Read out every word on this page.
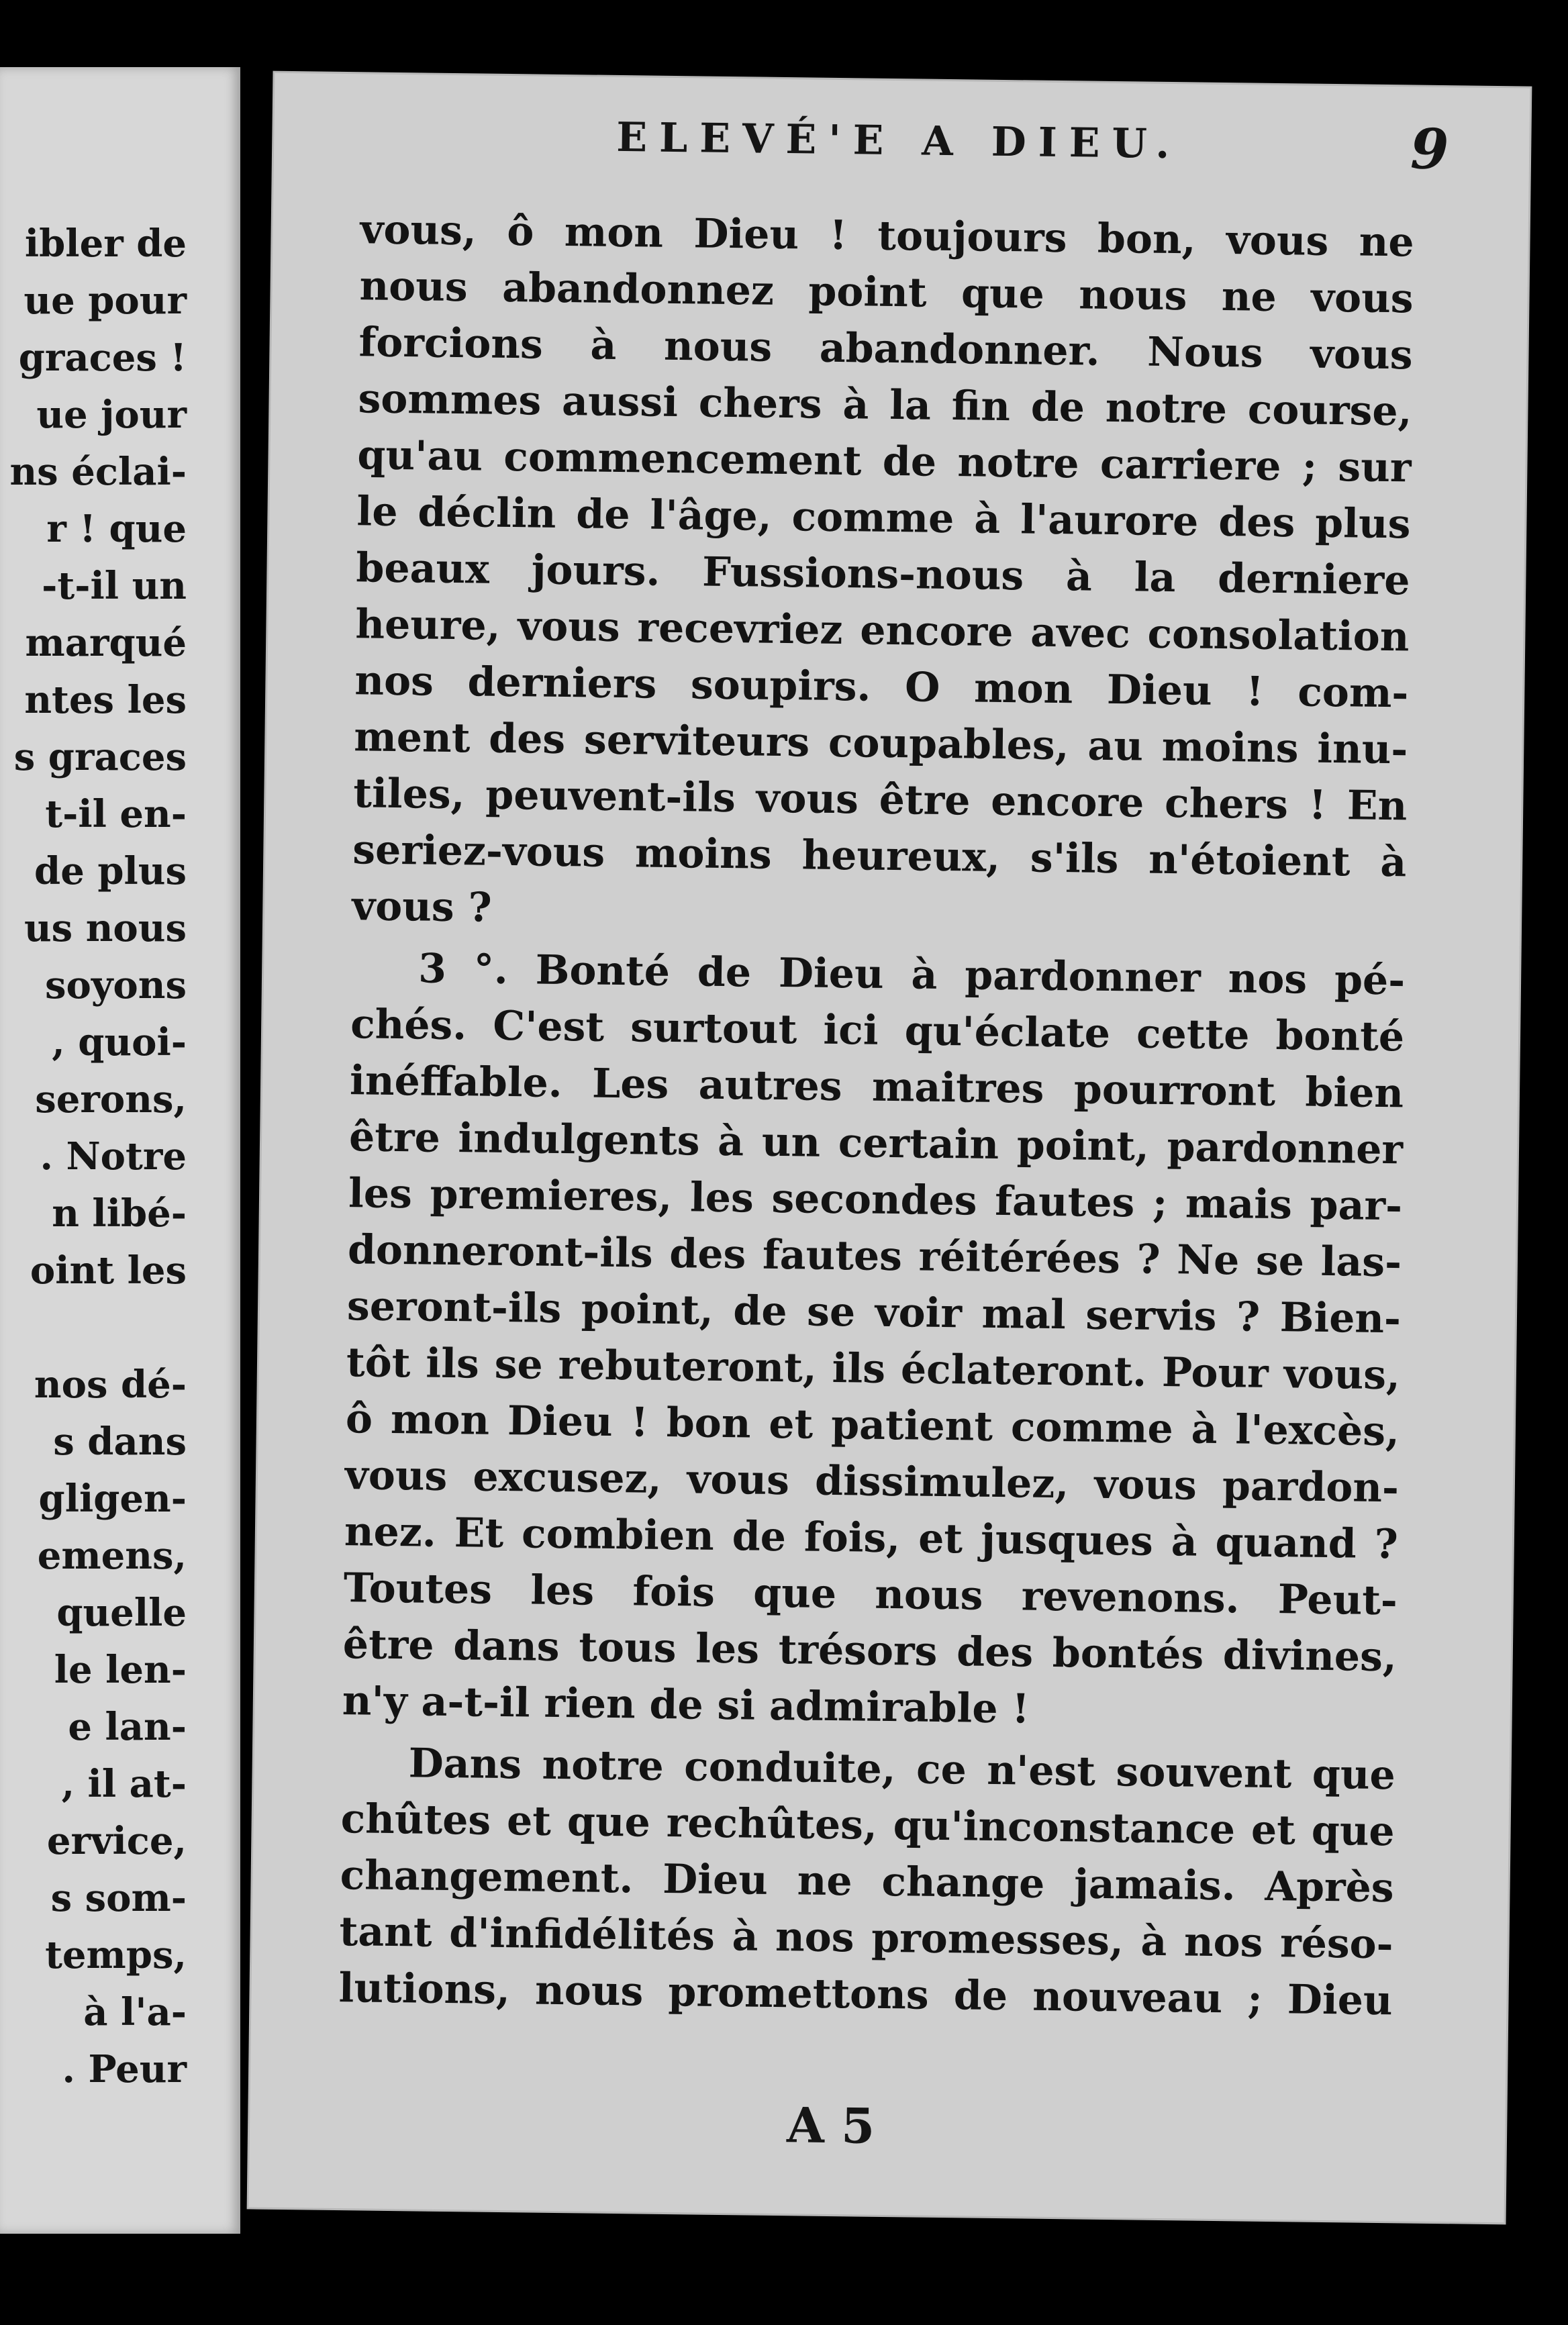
ibler de
ue pour
graces !
ue jour
ns éclai-
r ! que
-t-il un
marqué
ntes les
s graces
t-il en-
de plus
us nous
soyons
, quoi-
serons,
. Notre
n libé-
oint les
nos dé-
s dans
gligen-
emens,
quelle
le len-
e lan-
, il at-
ervice,
s som-
temps,
à l'a-
. Peur
ELEVÉ'E A DIEU.	9
vous, ô mon Dieu ! toujours bon, vous ne
nous abandonnez point que nous ne vous
forcions à nous abandonner. Nous vous
sommes aussi chers à la fin de notre course,
qu'au commencement de notre carriere ; sur
le déclin de l'âge, comme à l'aurore des plus
beaux jours. Fussions-nous à la derniere
heure, vous recevriez encore avec consolation
nos derniers soupirs. O mon Dieu ! com-
ment des serviteurs coupables, au moins inu-
tiles, peuvent-ils vous être encore chers ! En
seriez-vous moins heureux, s'ils n'étoient à
vous ?
3 °. Bonté de Dieu à pardonner nos pé-
chés. C'est surtout ici qu'éclate cette bonté
inéffable. Les autres maitres pourront bien
être indulgents à un certain point, pardonner
les premieres, les secondes fautes ; mais par-
donneront-ils des fautes réitérées ? Ne se las-
seront-ils point, de se voir mal servis ? Bien-
tôt ils se rebuteront, ils éclateront. Pour vous,
ô mon Dieu ! bon et patient comme à l'excès,
vous excusez, vous dissimulez, vous pardon-
nez. Et combien de fois, et jusques à quand ?
Toutes les fois que nous revenons. Peut-
être dans tous les trésors des bontés divines,
n'y a-t-il rien de si admirable !
Dans notre conduite, ce n'est souvent que
chûtes et que rechûtes, qu'inconstance et que
changement. Dieu ne change jamais. Après
tant d'infidélités à nos promesses, à nos réso-
lutions, nous promettons de nouveau ; Dieu
A 5
